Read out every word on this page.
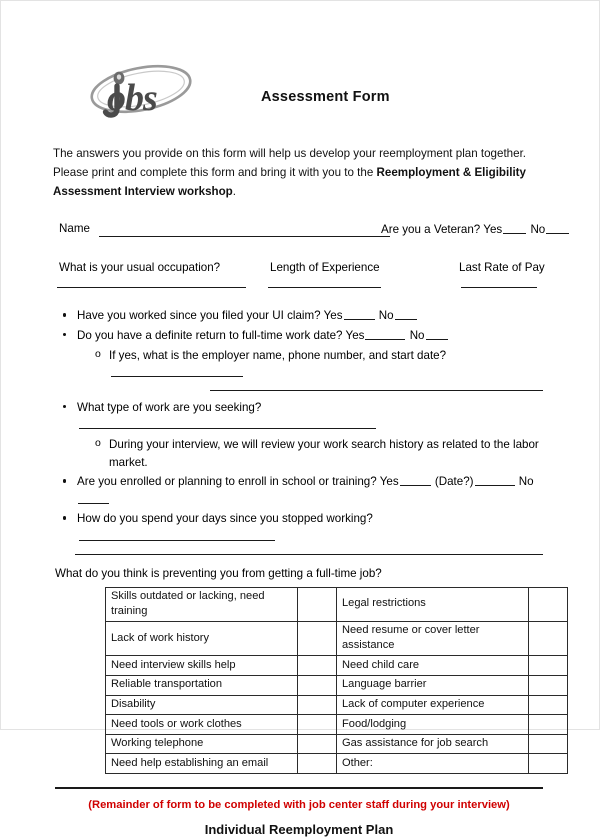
obs	Assessment Form

The answers you provide on this form will help us develop your reemployment plan together. Please print and complete this form and bring it with you to the Reemployment & Eligibility Assessment Interview workshop.

Name	Are you a Veteran? Yes No
What is your usual occupation?	Length of Experience	Last Rate of Pay
Have you worked since you filed your UI claim? Yes	No
Do you have a definite return to full-time work date? Yes	No
o If yes, what is the employer name, phone number, and start date?
What type of work are you seeking?
o During your interview, we will review your work search history as related to the labor market.
Are you enrolled or planning to enroll in school or training? Yes	(Date?)	No
How do you spend your days since you stopped working?
What do you think is preventing you from getting a full-time job?
Skills outdated or lacking, need training		Legal restrictions	
Lack of work history		Need resume or cover letter assistance	
Need interview skills help		Need child care	
Reliable transportation		Language barrier	
Disability		Lack of computer experience	
Need tools or work clothes		Food/lodging	
Working telephone		Gas assistance for job search	
Need help establishing an email		Other:	
(Remainder of form to be completed with job center staff during your interview)
Individual Reemployment Plan
